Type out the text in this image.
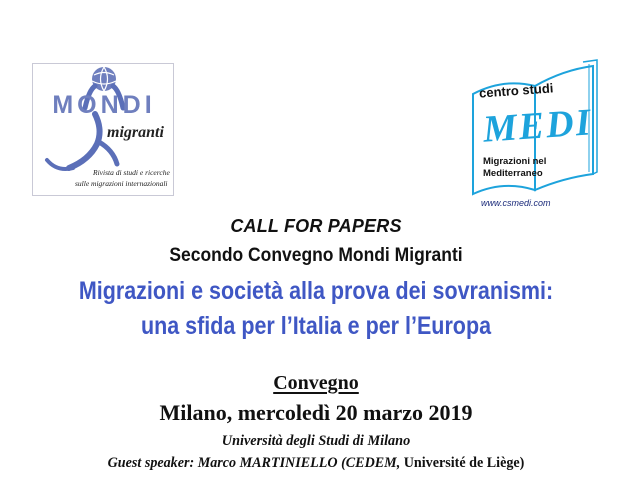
MONDI
migranti
Rivista di studi e ricerche
sulle migrazioni internazionali
centro studi
MEDI
Migrazioni nel
Mediterraneo
www.csmedi.com
CALL FOR PAPERS
Secondo Convegno Mondi Migranti
Migrazioni e società alla prova dei sovranismi:
una sfida per l’Italia e per l’Europa
Convegno
Milano, mercoledì 20 marzo 2019
Università degli Studi di Milano
Guest speaker: Marco MARTINIELLO (CEDEM, Université de Liège)
